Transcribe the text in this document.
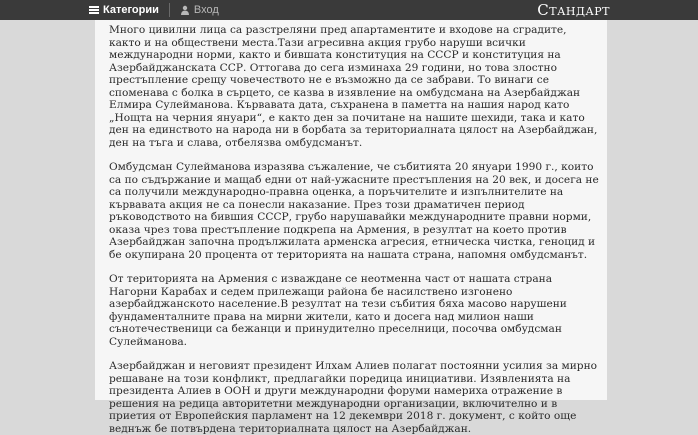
Категории	Вход	Стандарт

Много цивилни лица са разстреляни пред апартаментите и входове на сградите, както и на обществени места.Тази агресивна акция грубо наруши всички международни норми, както и бившата конституция на СССР и конституция на Азербайджанската ССР. Оттогава до сега изминаха 29 години, но това злостно престъпление срещу човечеството не е възможно да се забрави. То винаги се споменава с болка в сърцето, се казва в изявление на омбудсмана на Азербайджан Елмира Сулейманова. Кървавата дата, съхранена в паметта на нашия народ като „Нощта на черния януари“, е както ден за почитане на нашите шехиди, така и като ден на единството на народа ни в борбата за териториалната цялост на Азербайджан, ден на тъга и слава, отбелязва омбудсманът.

Омбудсман Сулейманова изразява съжаление, че събитията 20 януари 1990 г., които са по съдържание и мащаб едни от най-ужасните престъпления на 20 век, и досега не са получили международно-правна оценка, а поръчителите и изпълнителите на кървавата акция не са понесли наказание. През този драматичен период ръководството на бившия СССР, грубо нарушавайки международните правни норми, оказа чрез това престъпление подкрепа на Армения, в резултат на което против Азербайджан започна продължилата арменска агресия, етническа чистка, геноцид и бе окупирана 20 процента от територията на нашата страна, напомня омбудсманът.

От територията на Армения с изваждане се неотменна част от нашата страна Нагорни Карабах и седем прилежащи района бе насилствено изгонено азербайджанското население.В резултат на тези събития бяха масово нарушени фундаменталните права на мирни жители, като и досега над милион наши сънотечественици са бежанци и принудително преселници, посочва омбудсман Сулейманова.

Азербайджан и неговият президент Илхам Алиев полагат постоянни усилия за мирно решаване на този конфликт, предлагайки поредица инициативи. Изявленията на президента Алиев в ООН и други международни форуми намериха отражение в решения на редица авторитетни международни организации, включително и в приетия от Европейския парламент на 12 декември 2018 г. документ, с който още веднъж бе потвърдена териториалната цялост на Азербайджан.
